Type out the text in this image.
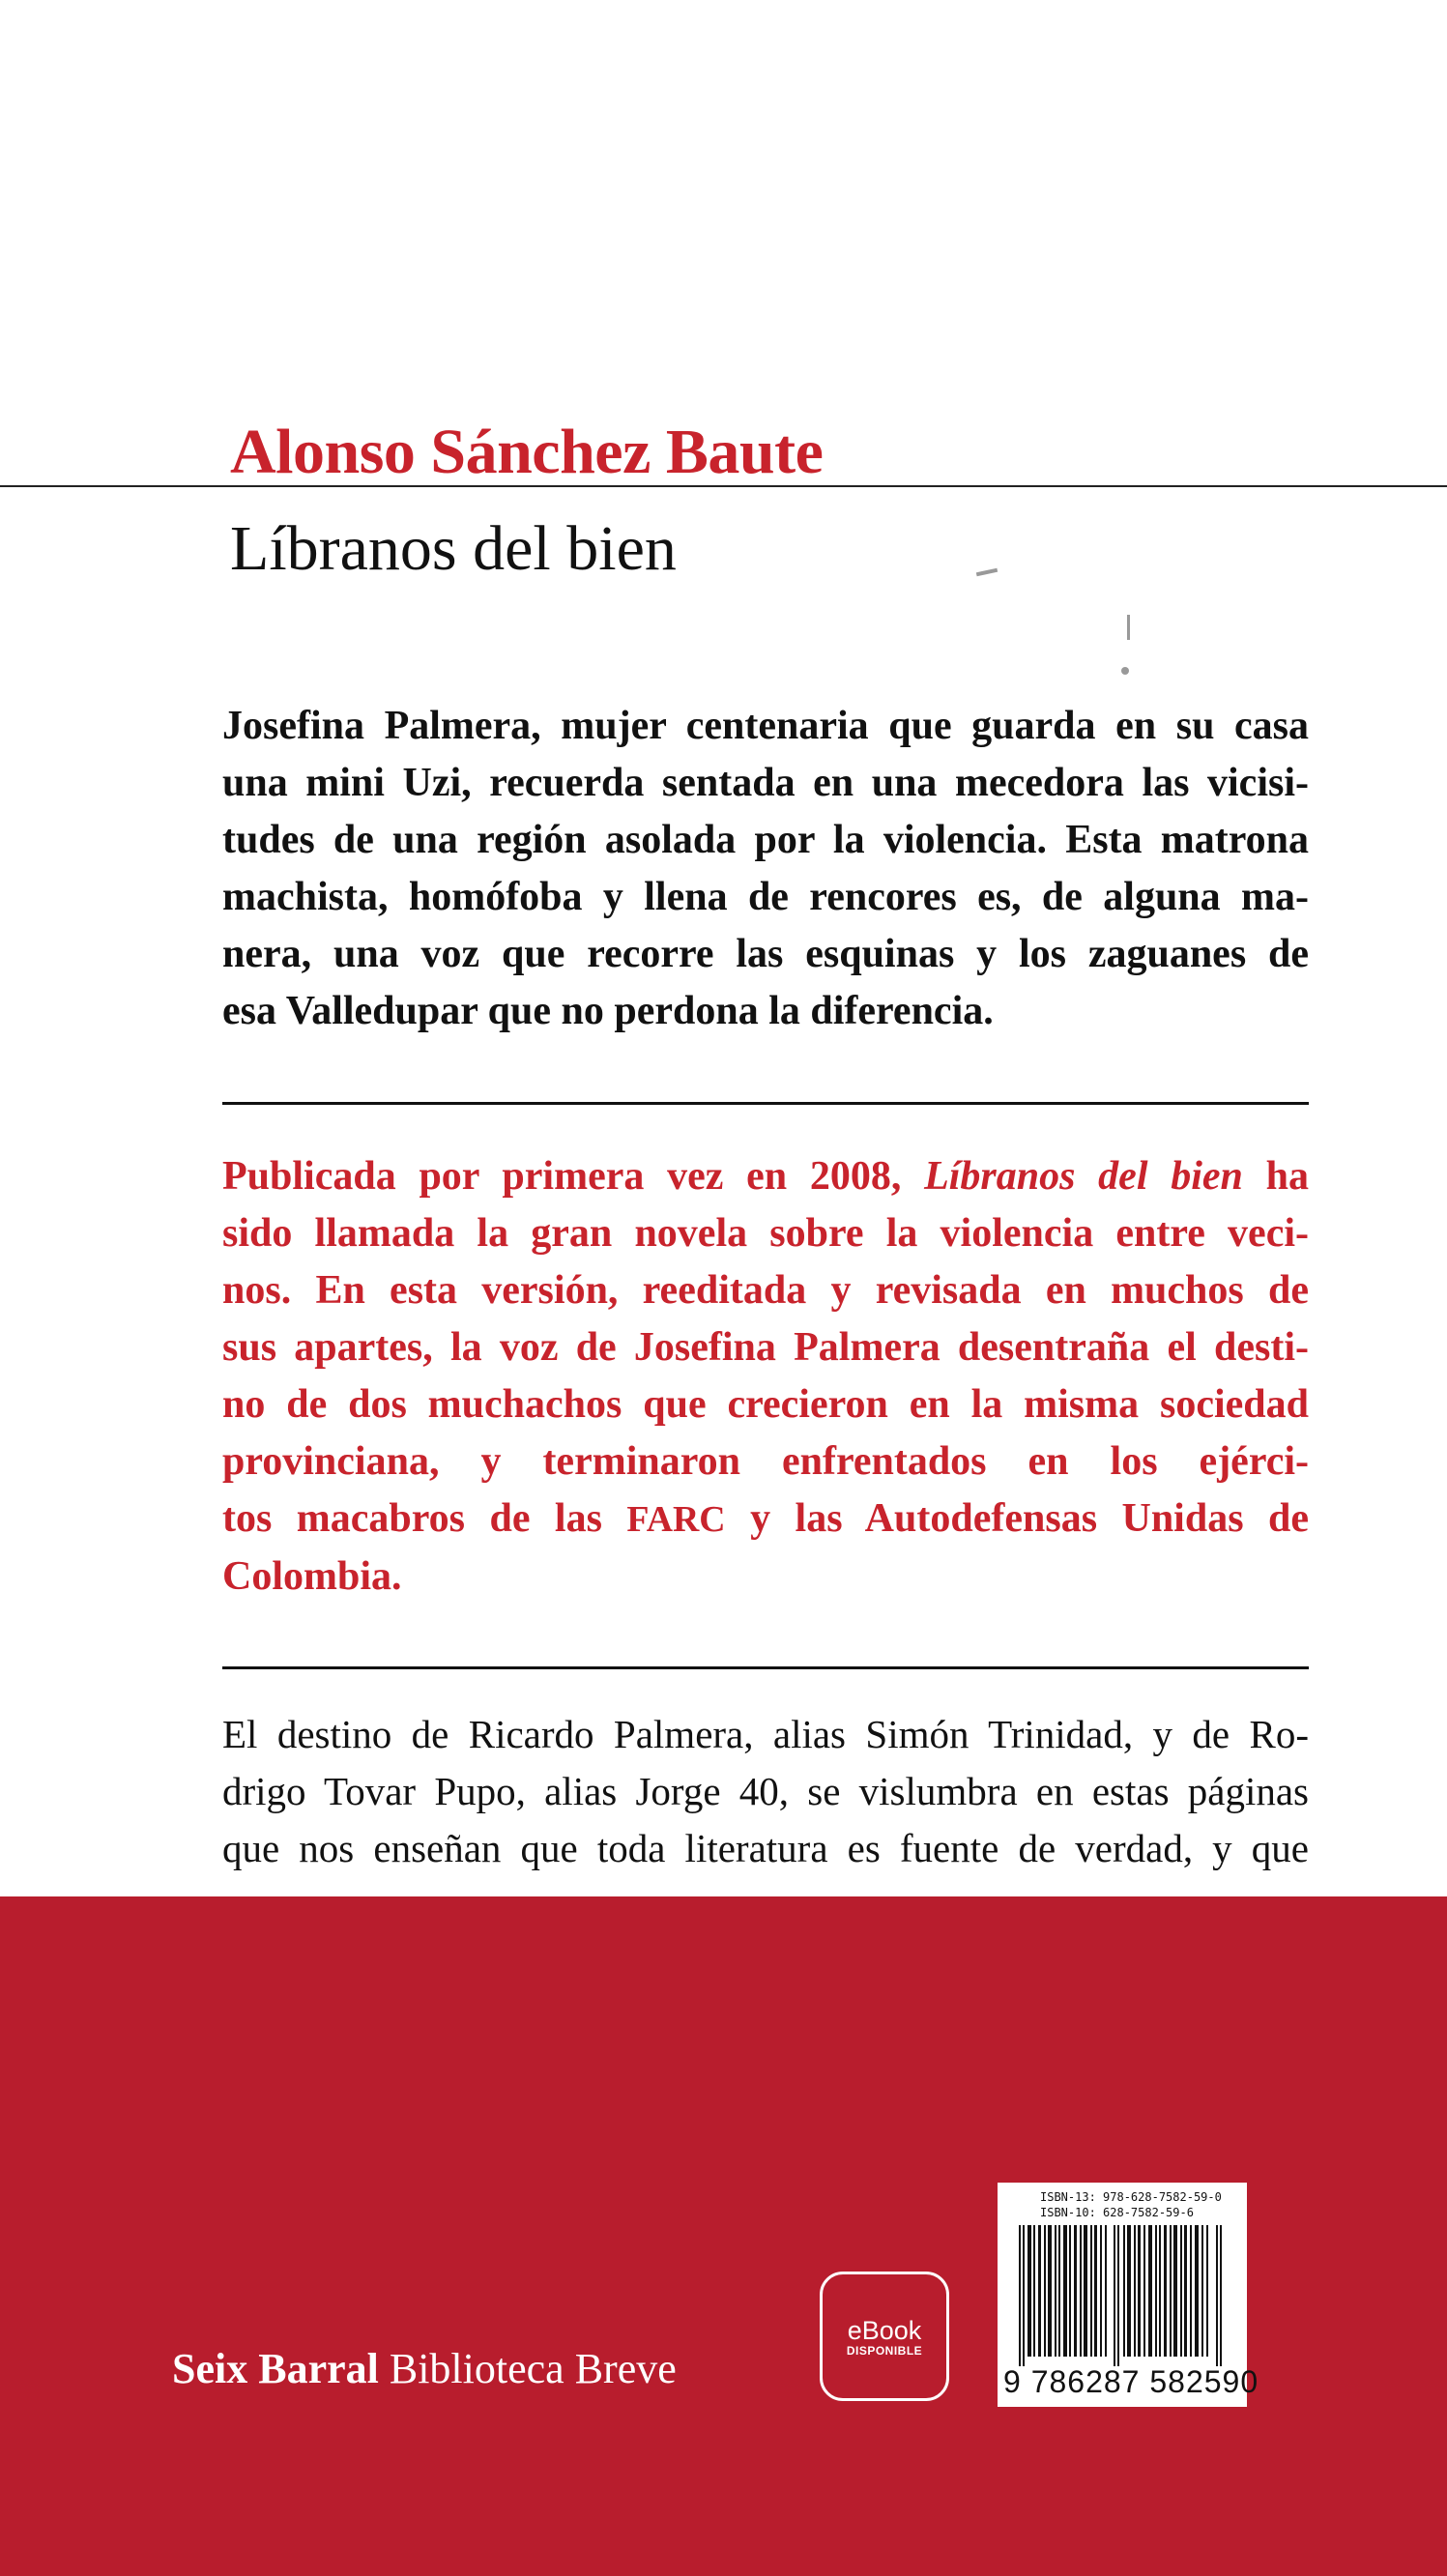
Alonso Sánchez Baute
Líbranos del bien
Josefina Palmera, mujer centenaria que guarda en su casa
una mini Uzi, recuerda sentada en una mecedora las vicisi-
tudes de una región asolada por la violencia. Esta matrona
machista, homófoba y llena de rencores es, de alguna ma-
nera, una voz que recorre las esquinas y los zaguanes de
esa Valledupar que no perdona la diferencia.
Publicada por primera vez en 2008, Líbranos del bien ha
sido llamada la gran novela sobre la violencia entre veci-
nos. En esta versión, reeditada y revisada en muchos de
sus apartes, la voz de Josefina Palmera desentraña el desti-
no de dos muchachos que crecieron en la misma sociedad
provinciana, y terminaron enfrentados en los ejérci-
tos macabros de las FARC y las Autodefensas Unidas de
Colombia.
El destino de Ricardo Palmera, alias Simón Trinidad, y de Ro-
drigo Tovar Pupo, alias Jorge 40, se vislumbra en estas páginas
que nos enseñan que toda literatura es fuente de verdad, y que
Seix Barral Biblioteca Breve
eBook
DISPONIBLE
ISBN-13: 978-628-7582-59-0
ISBN-10: 628-7582-59-6
9 786287 582590
